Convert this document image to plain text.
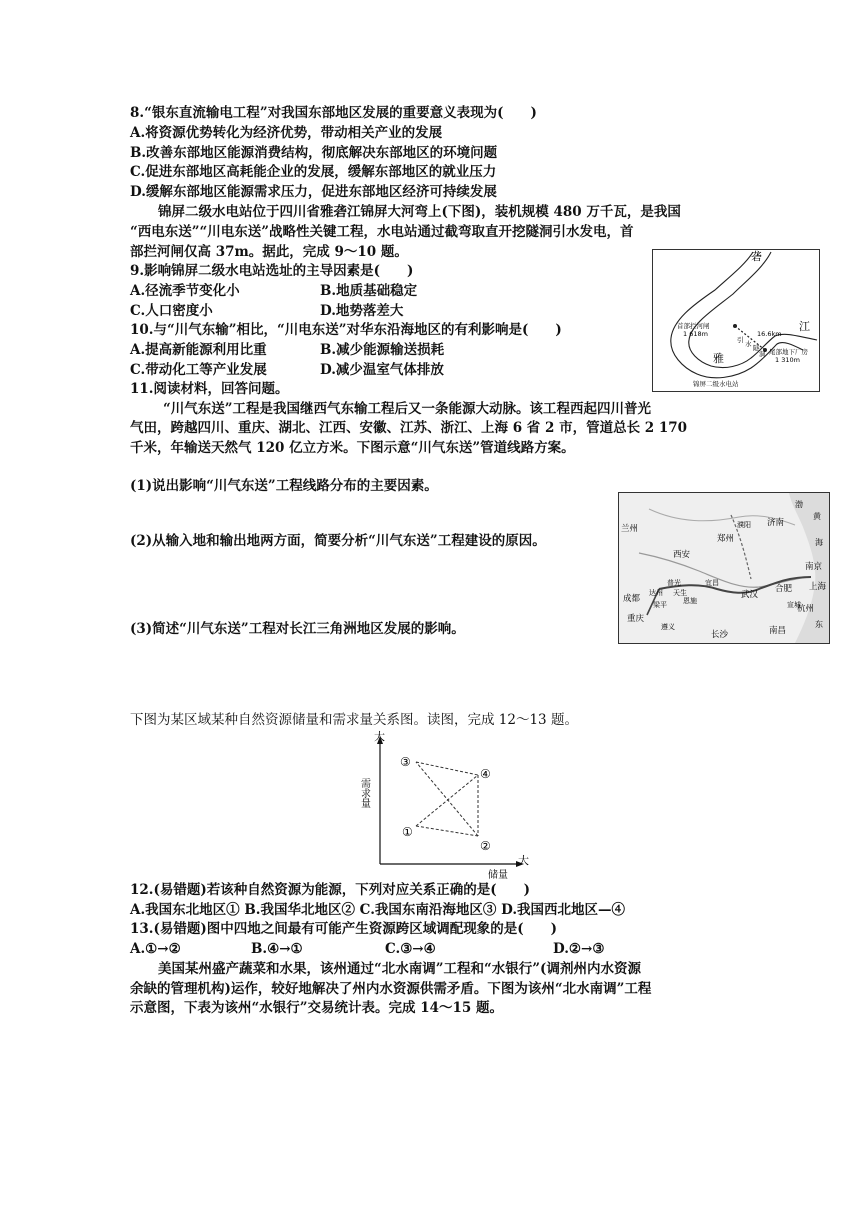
8.“银东直流输电工程”对我国东部地区发展的重要意义表现为(　　)
A.将资源优势转化为经济优势，带动相关产业的发展
B.改善东部地区能源消费结构，彻底解决东部地区的环境问题
C.促进东部地区高耗能企业的发展，缓解东部地区的就业压力
D.缓解东部地区能源需求压力，促进东部地区经济可持续发展
锦屏二级水电站位于四川省雅砻江锦屏大河弯上(下图)，装机规模 480 万千瓦，是我国
“西电东送”“川电东送”战略性关键工程，水电站通过截弯取直开挖隧洞引水发电，首
部拦河闸仅高 37m。据此，完成 9～10 题。
9.影响锦屏二级水电站选址的主导因素是(　　)
A.径流季节变化小	B.地质基础稳定
C.人口密度小	D.地势落差大
10.与“川气东输”相比，“川电东送”对华东沿海地区的有利影响是(　　)
A.提高新能源利用比重	B.减少能源输送损耗
C.带动化工等产业发展	D.减少温室气体排放
砻
江
雅
首部拦河闸
1 618m	16.6km
引 水 隧
洞 尾部地下厂房
1 310m
锦屏二级水电站
11.阅读材料，回答问题。
“川气东送”工程是我国继西气东输工程后又一条能源大动脉。该工程西起四川普光
气田，跨越四川、重庆、湖北、江西、安徽、江苏、浙江、上海 6 省 2 市，管道总长 2 170
千米，年输送天然气 120 亿立方米。下图示意“川气东送”管道线路方案。
(1)说出影响“川气东送”工程线路分布的主要因素。
(2)从输入地和输出地两方面，简要分析“川气东送”工程建设的原因。
(3)简述“川气东送”工程对长江三角洲地区发展的影响。
兰州
西安
郑州
济南
濮阳
南京
上海
合肥
杭州
武汉
宜昌
达州
普光
重庆
成都
长沙	南昌
宣城
恩施
梁平
天生
遵义
渤
黄
海
东
下图为某区域某种自然资源储量和需求量关系图。读图，完成 12～13 题。
大
需求量
大
储量
③
④
①
②
12.(易错题)若该种自然资源为能源，下列对应关系正确的是(　　)
A.我国东北地区① B.我国华北地区② C.我国东南沿海地区③ D.我国西北地区—④
13.(易错题)图中四地之间最有可能产生资源跨区域调配现象的是(　　)
A.①→②	B.④→①	C.③→④	D.②→③
美国某州盛产蔬菜和水果，该州通过“北水南调”工程和“水银行”(调剂州内水资源
余缺的管理机构)运作，较好地解决了州内水资源供需矛盾。下图为该州“北水南调”工程
示意图，下表为该州“水银行”交易统计表。完成 14～15 题。
